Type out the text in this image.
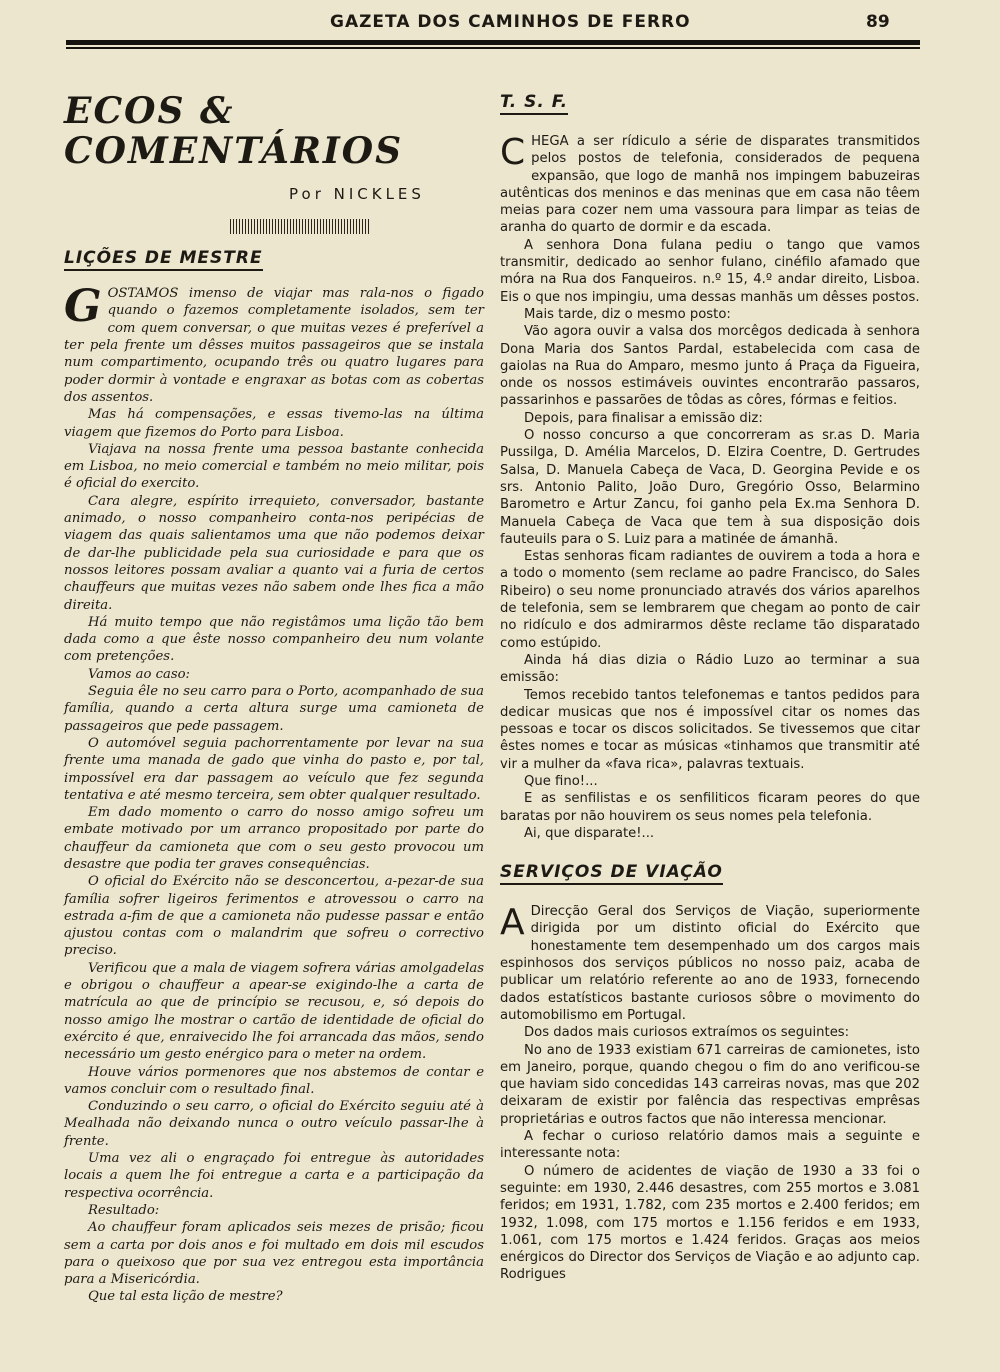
GAZETA DOS CAMINHOS DE FERRO	89
ECOS & COMENTÁRIOS
Por NICKLES
LIÇÕES DE MESTRE

GOSTAMOS imenso de viajar mas rala-nos o figado quando o fazemos completamente isolados, sem ter com quem conversar, o que muitas vezes é preferível a ter pela frente um dêsses muitos passageiros que se instala num compartimento, ocupando três ou quatro lugares para poder dormir à vontade e engraxar as botas com as cobertas dos assentos.

Mas há compensações, e essas tivemo-las na última viagem que fizemos do Porto para Lisboa.

Viajava na nossa frente uma pessoa bastante conhecida em Lisboa, no meio comercial e também no meio militar, pois é oficial do exercito.

Cara alegre, espírito irrequieto, conversador, bastante animado, o nosso companheiro conta-nos peripécias de viagem das quais salientamos uma que não podemos deixar de dar-lhe publicidade pela sua curiosidade e para que os nossos leitores possam avaliar a quanto vai a furia de certos chauffeurs que muitas vezes não sabem onde lhes fica a mão direita.

Há muito tempo que não registâmos uma lição tão bem dada como a que êste nosso companheiro deu num volante com pretenções.

Vamos ao caso:

Seguia êle no seu carro para o Porto, acompanhado de sua família, quando a certa altura surge uma camioneta de passageiros que pede passagem.

O automóvel seguia pachorrentamente por levar na sua frente uma manada de gado que vinha do pasto e, por tal, impossível era dar passagem ao veículo que fez segunda tentativa e até mesmo terceira, sem obter qualquer resultado.

Em dado momento o carro do nosso amigo sofreu um embate motivado por um arranco propositado por parte do chauffeur da camioneta que com o seu gesto provocou um desastre que podia ter graves consequências.

O oficial do Exército não se desconcertou, a-pezar-de sua família sofrer ligeiros ferimentos e atrovessou o carro na estrada a-fim de que a camioneta não pudesse passar e então ajustou contas com o malandrim que sofreu o correctivo preciso.

Verificou que a mala de viagem sofrera várias amolgadelas e obrigou o chauffeur a apear-se exigindo-lhe a carta de matrícula ao que de princípio se recusou, e, só depois do nosso amigo lhe mostrar o cartão de identidade de oficial do exército é que, enraivecido lhe foi arrancada das mãos, sendo necessário um gesto enérgico para o meter na ordem.

Houve vários pormenores que nos abstemos de contar e vamos concluir com o resultado final.

Conduzindo o seu carro, o oficial do Exército seguiu até à Mealhada não deixando nunca o outro veículo passar-lhe à frente.

Uma vez ali o engraçado foi entregue às autoridades locais a quem lhe foi entregue a carta e a participação da respectiva ocorrência.

Resultado:

Ao chauffeur foram aplicados seis mezes de prisão; ficou sem a carta por dois anos e foi multado em dois mil escudos para o queixoso que por sua vez entregou esta importância para a Misericórdia.

Que tal esta lição de mestre?

T. S. F.

CHEGA a ser rídiculo a série de disparates transmitidos pelos postos de telefonia, considerados de pequena expansão, que logo de manhã nos impingem babuzeiras autênticas dos meninos e das meninas que em casa não têem meias para cozer nem uma vassoura para limpar as teias de aranha do quarto de dormir e da escada.

A senhora Dona fulana pediu o tango que vamos transmitir, dedicado ao senhor fulano, cinéfilo afamado que móra na Rua dos Fanqueiros. n.º 15, 4.º andar direito, Lisboa. Eis o que nos impingiu, uma dessas manhãs um dêsses postos.

Mais tarde, diz o mesmo posto:

Vão agora ouvir a valsa dos morcêgos dedicada à senhora Dona Maria dos Santos Pardal, estabelecida com casa de gaiolas na Rua do Amparo, mesmo junto á Praça da Figueira, onde os nossos estimáveis ouvintes encontrarão passaros, passarinhos e passarões de tôdas as côres, fórmas e feitios.

Depois, para finalisar a emissão diz:

O nosso concurso a que concorreram as sr.as D. Maria Pussilga, D. Amélia Marcelos, D. Elzira Coentre, D. Gertrudes Salsa, D. Manuela Cabeça de Vaca, D. Georgina Pevide e os srs. Antonio Palito, João Duro, Gregório Osso, Belarmino Barometro e Artur Zancu, foi ganho pela Ex.ma Senhora D. Manuela Cabeça de Vaca que tem à sua disposição dois fauteuils para o S. Luiz para a matinée de ámanhã.

Estas senhoras ficam radiantes de ouvirem a toda a hora e a todo o momento (sem reclame ao padre Francisco, do Sales Ribeiro) o seu nome pronunciado através dos vários aparelhos de telefonia, sem se lembrarem que chegam ao ponto de cair no ridículo e dos admirarmos dêste reclame tão disparatado como estúpido.

Ainda há dias dizia o Rádio Luzo ao terminar a sua emissão:

Temos recebido tantos telefonemas e tantos pedidos para dedicar musicas que nos é impossível citar os nomes das pessoas e tocar os discos solicitados. Se tivessemos que citar êstes nomes e tocar as músicas «tinhamos que transmitir até vir a mulher da «fava rica», palavras textuais.

Que fino!...

E as senfilistas e os senfiliticos ficaram peores do que baratas por não houvirem os seus nomes pela telefonia.

Ai, que disparate!...

SERVIÇOS DE VIAÇÃO

A Direcção Geral dos Serviços de Viação, superiormente dirigida por um distinto oficial do Exército que honestamente tem desempenhado um dos cargos mais espinhosos dos serviços públicos no nosso paiz, acaba de publicar um relatório referente ao ano de 1933, fornecendo dados estatísticos bastante curiosos sôbre o movimento do automobilismo em Portugal.

Dos dados mais curiosos extraímos os seguintes:

No ano de 1933 existiam 671 carreiras de camionetes, isto em Janeiro, porque, quando chegou o fim do ano verificou-se que haviam sido concedidas 143 carreiras novas, mas que 202 deixaram de existir por falência das respectivas emprêsas proprietárias e outros factos que não interessa mencionar.

A fechar o curioso relatório damos mais a seguinte e interessante nota:

O número de acidentes de viação de 1930 a 33 foi o seguinte: em 1930, 2.446 desastres, com 255 mortos e 3.081 feridos; em 1931, 1.782, com 235 mortos e 2.400 feridos; em 1932, 1.098, com 175 mortos e 1.156 feridos e em 1933, 1.061, com 175 mortos e 1.424 feridos. Graças aos meios enérgicos do Director dos Serviços de Viação e ao adjunto cap. Rodrigues
